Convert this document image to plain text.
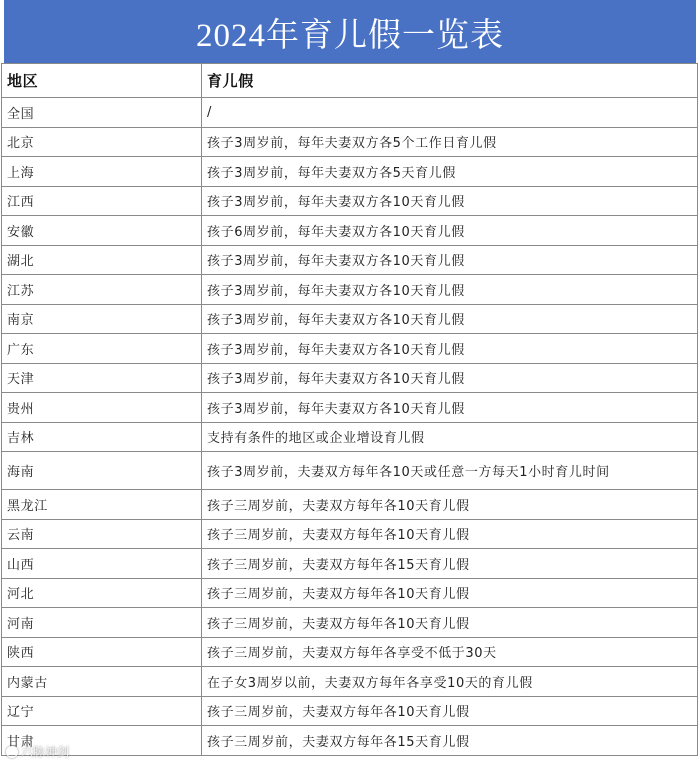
2024年育儿假一览表
地区	育儿假
全国	/
北京	孩子3周岁前，每年夫妻双方各5个工作日育儿假
上海	孩子3周岁前，每年夫妻双方各5天育儿假
江西	孩子3周岁前，每年夫妻双方各10天育儿假
安徽	孩子6周岁前，每年夫妻双方各10天育儿假
湖北	孩子3周岁前，每年夫妻双方各10天育儿假
江苏	孩子3周岁前，每年夫妻双方各10天育儿假
南京	孩子3周岁前，每年夫妻双方各10天育儿假
广东	孩子3周岁前，每年夫妻双方各10天育儿假
天津	孩子3周岁前，每年夫妻双方各10天育儿假
贵州	孩子3周岁前，每年夫妻双方各10天育儿假
吉林	支持有条件的地区或企业增设育儿假
海南	孩子3周岁前，夫妻双方每年各10天或任意一方每天1小时育儿时间
黑龙江	孩子三周岁前，夫妻双方每年各10天育儿假
云南	孩子三周岁前，夫妻双方每年各10天育儿假
山西	孩子三周岁前，夫妻双方每年各15天育儿假
河北	孩子三周岁前，夫妻双方每年各10天育儿假
河南	孩子三周岁前，夫妻双方每年各10天育儿假
陕西	孩子三周岁前，夫妻双方每年各享受不低于30天
内蒙古	在子女3周岁以前，夫妻双方每年各享受10天的育儿假
辽宁	孩子三周岁前，夫妻双方每年各10天育儿假
甘肃	孩子三周岁前，夫妻双方每年各15天育儿假
六脉神剑
